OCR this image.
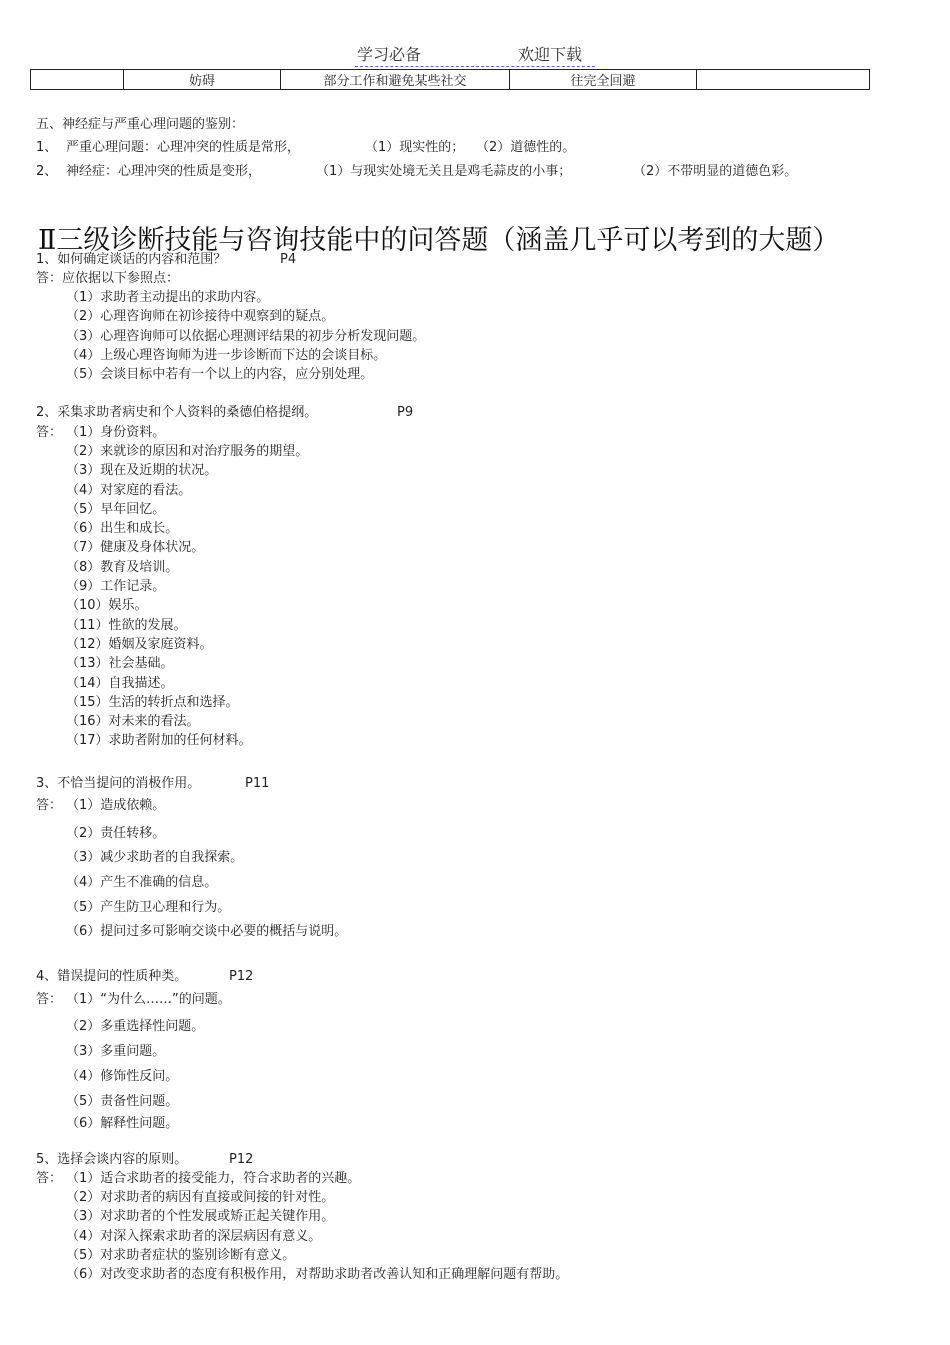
学习必备	欢迎下载
	妨碍	部分工作和避免某些社交	往完全回避	
五、神经症与严重心理问题的鉴别：
1、 严重心理问题：心理冲突的性质是常形，	（1）现实性的； （2）道德性的。
2、 神经症：心理冲突的性质是变形，	（1）与现实处境无关且是鸡毛蒜皮的小事；	（2）不带明显的道德色彩。
Ⅱ三级诊断技能与咨询技能中的问答题（涵盖几乎可以考到的大题）
1、如何确定谈话的内容和范围？	P4
答：应依据以下参照点：
（1）求助者主动提出的求助内容。
（2）心理咨询师在初诊接待中观察到的疑点。
（3）心理咨询师可以依据心理测评结果的初步分析发现问题。
（4）上级心理咨询师为进一步诊断而下达的会谈目标。
（5）会谈目标中若有一个以上的内容，应分别处理。
2、采集求助者病史和个人资料的桑德伯格提纲。	P9
答： （1）身份资料。
（2）来就诊的原因和对治疗服务的期望。
（3）现在及近期的状况。
（4）对家庭的看法。
（5）早年回忆。
（6）出生和成长。
（7）健康及身体状况。
（8）教育及培训。
（9）工作记录。
（10）娱乐。
（11）性欲的发展。
（12）婚姻及家庭资料。
（13）社会基础。
（14）自我描述。
（15）生活的转折点和选择。
（16）对未来的看法。
（17）求助者附加的任何材料。
3、不恰当提问的消极作用。	P11
答： （1）造成依赖。
（2）责任转移。
（3）减少求助者的自我探索。
（4）产生不准确的信息。
（5）产生防卫心理和行为。
（6）提问过多可影响交谈中必要的概括与说明。
4、错误提问的性质种类。	P12
答： （1）“为什么……”的问题。
（2）多重选择性问题。
（3）多重问题。
（4）修饰性反问。
（5）责备性问题。
（6）解释性问题。
5、选择会谈内容的原则。	P12
答： （1）适合求助者的接受能力，符合求助者的兴趣。
（2）对求助者的病因有直接或间接的针对性。
（3）对求助者的个性发展或矫正起关键作用。
（4）对深入探索求助者的深层病因有意义。
（5）对求助者症状的鉴别诊断有意义。
（6）对改变求助者的态度有积极作用，对帮助求助者改善认知和正确理解问题有帮助。
